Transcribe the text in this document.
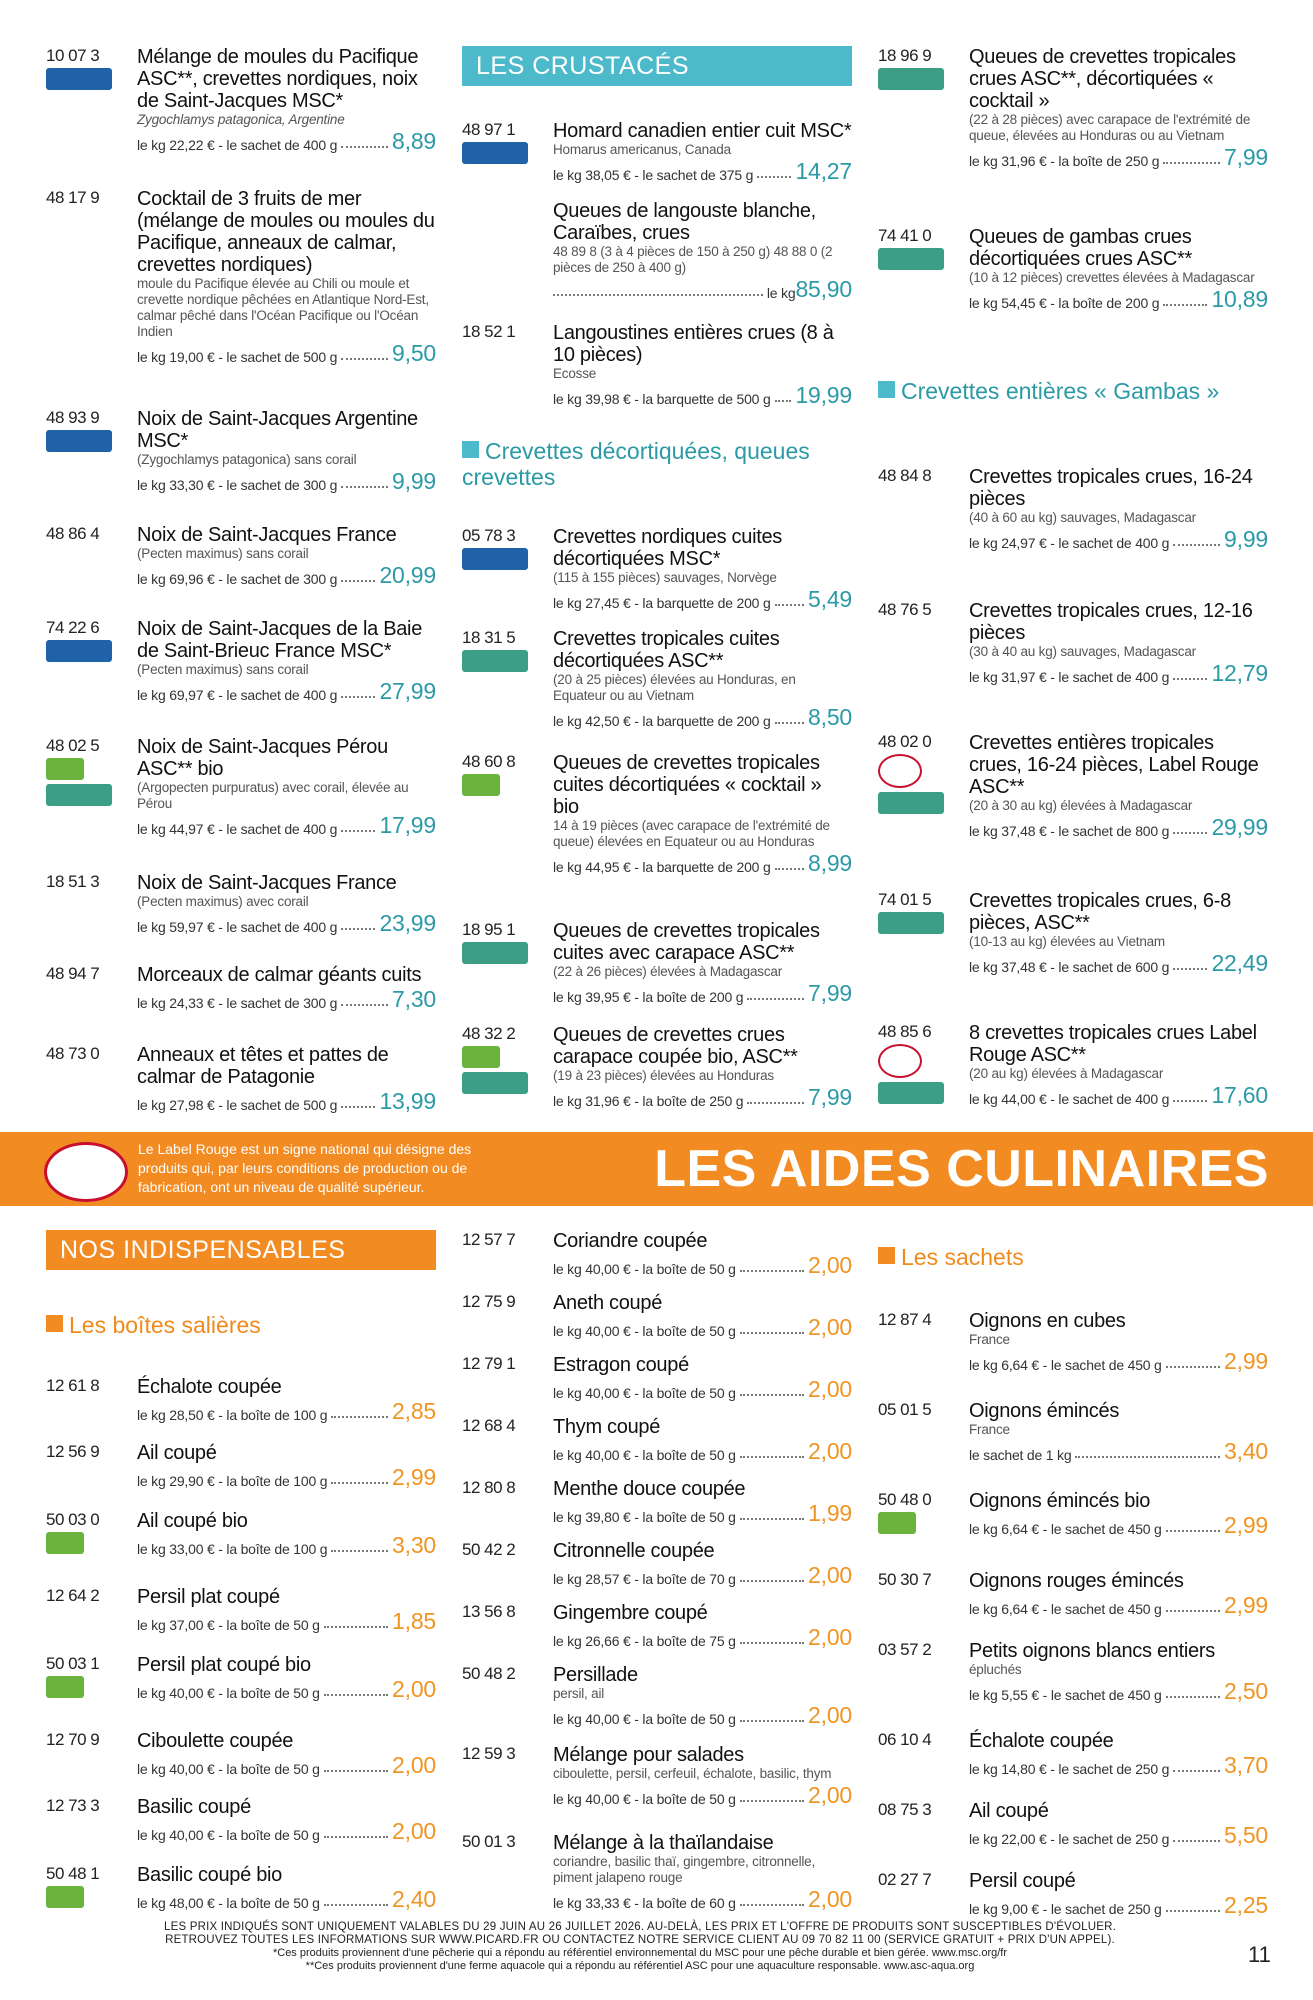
10 07 3 Mélange de moules du Pacifique ASC**, crevettes nordiques, noix de Saint-Jacques MSC*
Zygochlamys patagonica, Argentine
le kg 22,22 € - le sachet de 400 g 8,89
48 17 9 Cocktail de 3 fruits de mer (mélange de moules ou moules du Pacifique, anneaux de calmar, crevettes nordiques)
moule du Pacifique élevée au Chili ou moule et crevette nordique pêchées en Atlantique Nord-Est, calmar pêché dans l'Océan Pacifique ou l'Océan Indien
le kg 19,00 € - le sachet de 500 g 9,50
48 93 9 Noix de Saint-Jacques Argentine MSC*
(Zygochlamys patagonica) sans corail
le kg 33,30 € - le sachet de 300 g 9,99
48 86 4 Noix de Saint-Jacques France
(Pecten maximus) sans corail
le kg 69,96 € - le sachet de 300 g 20,99
74 22 6 Noix de Saint-Jacques de la Baie de Saint-Brieuc France MSC*
(Pecten maximus) sans corail
le kg 69,97 € - le sachet de 400 g 27,99
48 02 5 Noix de Saint-Jacques Pérou ASC** bio
(Argopecten purpuratus) avec corail, élevée au Pérou
le kg 44,97 € - le sachet de 400 g 17,99
18 51 3 Noix de Saint-Jacques France
(Pecten maximus) avec corail
le kg 59,97 € - le sachet de 400 g 23,99
48 94 7 Morceaux de calmar géants cuits
le kg 24,33 € - le sachet de 300 g 7,30
48 73 0 Anneaux et têtes et pattes de calmar de Patagonie
le kg 27,98 € - le sachet de 500 g 13,99
LES CRUSTACÉS
Crevettes décortiquées, queues crevettes
48 97 1 Homard canadien entier cuit MSC*
Homarus americanus, Canada
le kg 38,05 € - le sachet de 375 g 14,27
Queues de langouste blanche, Caraïbes, crues
48 89 8 (3 à 4 pièces de 150 à 250 g) 48 88 0 (2 pièces de 250 à 400 g)
le kg 85,90
18 52 1 Langoustines entières crues (8 à 10 pièces)
Ecosse
le kg 39,98 € - la barquette de 500 g 19,99
05 78 3 Crevettes nordiques cuites décortiquées MSC*
(115 à 155 pièces) sauvages, Norvège
le kg 27,45 € - la barquette de 200 g 5,49
18 31 5 Crevettes tropicales cuites décortiquées ASC**
(20 à 25 pièces) élevées au Honduras, en Equateur ou au Vietnam
le kg 42,50 € - la barquette de 200 g 8,50
48 60 8 Queues de crevettes tropicales cuites décortiquées « cocktail » bio
14 à 19 pièces (avec carapace de l'extrémité de queue) élevées en Equateur ou au Honduras
le kg 44,95 € - la barquette de 200 g 8,99
18 95 1 Queues de crevettes tropicales cuites avec carapace ASC**
(22 à 26 pièces) élevées à Madagascar
le kg 39,95 € - la boîte de 200 g	7,99
48 32 2 Queues de crevettes crues carapace coupée bio, ASC**
(19 à 23 pièces) élevées au Honduras
le kg 31,96 € - la boîte de 250 g	7,99
Crevettes entières « Gambas »
18 96 9 Queues de crevettes tropicales crues ASC**, décortiquées « cocktail »
(22 à 28 pièces) avec carapace de l'extrémité de queue, élevées au Honduras ou au Vietnam
le kg 31,96 € - la boîte de 250 g	7,99
74 41 0 Queues de gambas crues décortiquées crues ASC**
(10 à 12 pièces) crevettes élevées à Madagascar
le kg 54,45 € - la boîte de 200 g 10,89
48 84 8 Crevettes tropicales crues, 16-24 pièces
(40 à 60 au kg) sauvages, Madagascar
le kg 24,97 € - le sachet de 400 g 9,99
48 76 5 Crevettes tropicales crues, 12-16 pièces
(30 à 40 au kg) sauvages, Madagascar
le kg 31,97 € - le sachet de 400 g 12,79
48 02 0 Crevettes entières tropicales crues, 16-24 pièces, Label Rouge ASC**
(20 à 30 au kg) élevées à Madagascar
le kg 37,48 € - le sachet de 800 g 29,99
74 01 5 Crevettes tropicales crues, 6-8 pièces, ASC**
(10-13 au kg) élevées au Vietnam
le kg 37,48 € - le sachet de 600 g 22,49
48 85 6 8 crevettes tropicales crues Label Rouge ASC**
(20 au kg) élevées à Madagascar
le kg 44,00 € - le sachet de 400 g 17,60
Le Label Rouge est un signe national qui désigne des produits qui, par leurs conditions de production ou de fabrication, ont un niveau de qualité supérieur.	LES AIDES CULINAIRES
NOS INDISPENSABLES
Les boîtes salières
12 61 8 Échalote coupée
le kg 28,50 € - la boîte de 100 g	2,85
12 56 9 Ail coupé
le kg 29,90 € - la boîte de 100 g	2,99
50 03 0 Ail coupé bio
le kg 33,00 € - la boîte de 100 g	3,30
12 64 2 Persil plat coupé
le kg 37,00 € - la boîte de 50 g	1,85
50 03 1 Persil plat coupé bio
le kg 40,00 € - la boîte de 50 g	2,00
12 70 9 Ciboulette coupée
le kg 40,00 € - la boîte de 50 g	2,00
12 73 3 Basilic coupé
le kg 40,00 € - la boîte de 50 g	2,00
50 48 1 Basilic coupé bio
le kg 48,00 € - la boîte de 50 g	2,40
12 57 7 Coriandre coupée
le kg 40,00 € - la boîte de 50 g	2,00
12 75 9 Aneth coupé
le kg 40,00 € - la boîte de 50 g	2,00
12 79 1 Estragon coupé
le kg 40,00 € - la boîte de 50 g	2,00
12 68 4 Thym coupé
le kg 40,00 € - la boîte de 50 g	2,00
12 80 8 Menthe douce coupée
le kg 39,80 € - la boîte de 50 g	1,99
50 42 2 Citronnelle coupée
le kg 28,57 € - la boîte de 70 g	2,00
13 56 8 Gingembre coupé
le kg 26,66 € - la boîte de 75 g	2,00
50 48 2 Persillade
persil, ail
le kg 40,00 € - la boîte de 50 g	2,00
12 59 3 Mélange pour salades
ciboulette, persil, cerfeuil, échalote, basilic, thym
le kg 40,00 € - la boîte de 50 g	2,00
50 01 3 Mélange à la thaïlandaise
coriandre, basilic thaï, gingembre, citronnelle, piment jalapeno rouge
le kg 33,33 € - la boîte de 60 g	2,00
Les sachets
12 87 4 Oignons en cubes
France
le kg 6,64 € - le sachet de 450 g	2,99
05 01 5 Oignons émincés
France
le sachet de 1 kg	3,40
50 48 0 Oignons émincés bio
le kg 6,64 € - le sachet de 450 g	2,99
50 30 7 Oignons rouges émincés
le kg 6,64 € - le sachet de 450 g	2,99
03 57 2 Petits oignons blancs entiers
épluchés
le kg 5,55 € - le sachet de 450 g	2,50
06 10 4 Échalote coupée
le kg 14,80 € - le sachet de 250 g 3,70
08 75 3 Ail coupé
le kg 22,00 € - le sachet de 250 g 5,50
02 27 7 Persil coupé
le kg 9,00 € - le sachet de 250 g	2,25
LES PRIX INDIQUÉS SONT UNIQUEMENT VALABLES DU 29 JUIN AU 26 JUILLET 2026. AU-DELÀ, LES PRIX ET L'OFFRE DE PRODUITS SONT SUSCEPTIBLES D'ÉVOLUER.
RETROUVEZ TOUTES LES INFORMATIONS SUR WWW.PICARD.FR OU CONTACTEZ NOTRE SERVICE CLIENT AU 09 70 82 11 00 (SERVICE GRATUIT + PRIX D'UN APPEL).
*Ces produits proviennent d'une pêcherie qui a répondu au référentiel environnemental du MSC pour une pêche durable et bien gérée. www.msc.org/fr
**Ces produits proviennent d'une ferme aquacole qui a répondu au référentiel ASC pour une aquaculture responsable. www.asc-aqua.org	11
